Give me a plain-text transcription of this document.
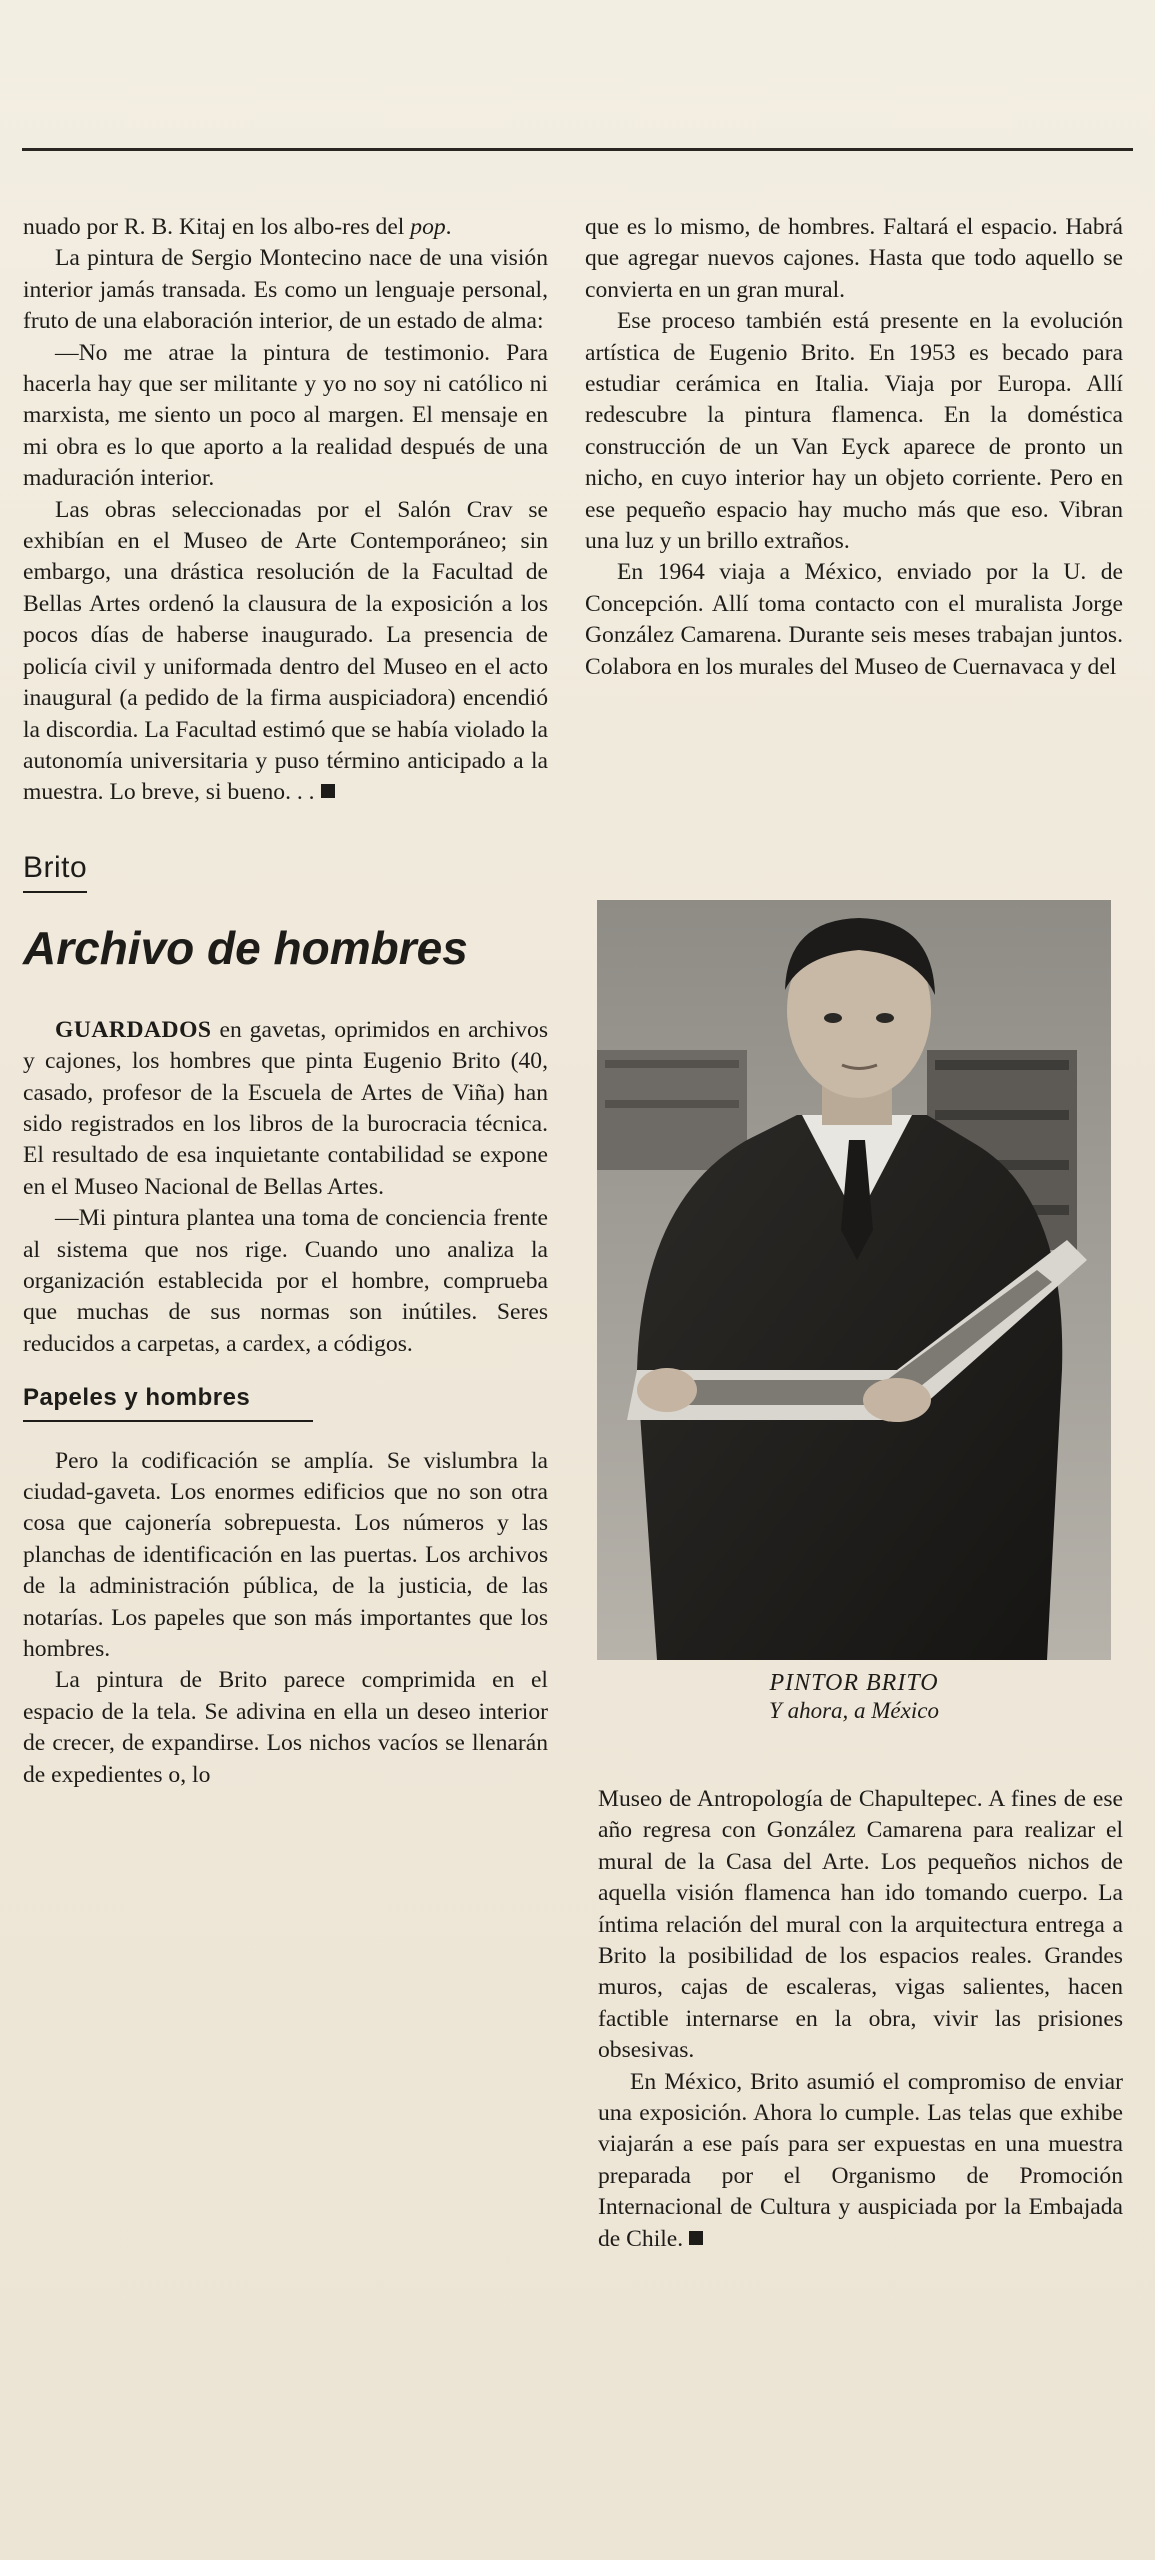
nuado por R. B. Kitaj en los albo-res del pop.

La pintura de Sergio Montecino nace de una visión interior jamás transada. Es como un lenguaje personal, fruto de una elaboración interior, de un estado de alma:

—No me atrae la pintura de testimonio. Para hacerla hay que ser militante y yo no soy ni católico ni marxista, me siento un poco al margen. El mensaje en mi obra es lo que aporto a la realidad después de una maduración interior.

Las obras seleccionadas por el Salón Crav se exhibían en el Museo de Arte Contemporáneo; sin embargo, una drástica resolución de la Facultad de Bellas Artes ordenó la clausura de la exposición a los pocos días de haberse inaugurado. La presencia de policía civil y uniformada dentro del Museo en el acto inaugural (a pedido de la firma auspiciadora) encendió la discordia. La Facultad estimó que se había violado la autonomía universitaria y puso término anticipado a la muestra. Lo breve, si bueno. . .

Brito
Archivo de hombres

GUARDADOS en gavetas, oprimidos en archivos y cajones, los hombres que pinta Eugenio Brito (40, casado, profesor de la Escuela de Artes de Viña) han sido registrados en los libros de la burocracia técnica. El resultado de esa inquietante contabilidad se expone en el Museo Nacional de Bellas Artes.

—Mi pintura plantea una toma de conciencia frente al sistema que nos rige. Cuando uno analiza la organización establecida por el hombre, comprueba que muchas de sus normas son inútiles. Seres reducidos a carpetas, a cardex, a códigos.

Papeles y hombres

Pero la codificación se amplía. Se vislumbra la ciudad-gaveta. Los enormes edificios que no son otra cosa que cajonería sobrepuesta. Los números y las planchas de identificación en las puertas. Los archivos de la administración pública, de la justicia, de las notarías. Los papeles que son más importantes que los hombres.

La pintura de Brito parece comprimida en el espacio de la tela. Se adivina en ella un deseo interior de crecer, de expandirse. Los nichos vacíos se llenarán de expedientes o, lo

que es lo mismo, de hombres. Faltará el espacio. Habrá que agregar nuevos cajones. Hasta que todo aquello se convierta en un gran mural.

Ese proceso también está presente en la evolución artística de Eugenio Brito. En 1953 es becado para estudiar cerámica en Italia. Viaja por Europa. Allí redescubre la pintura flamenca. En la doméstica construcción de un Van Eyck aparece de pronto un nicho, en cuyo interior hay un objeto corriente. Pero en ese pequeño espacio hay mucho más que eso. Vibran una luz y un brillo extraños.

En 1964 viaja a México, enviado por la U. de Concepción. Allí toma contacto con el muralista Jorge González Camarena. Durante seis meses trabajan juntos. Colabora en los murales del Museo de Cuernavaca y del

PINTOR BRITO
Y ahora, a México

Museo de Antropología de Chapultepec. A fines de ese año regresa con González Camarena para realizar el mural de la Casa del Arte. Los pequeños nichos de aquella visión flamenca han ido tomando cuerpo. La íntima relación del mural con la arquitectura entrega a Brito la posibilidad de los espacios reales. Grandes muros, cajas de escaleras, vigas salientes, hacen factible internarse en la obra, vivir las prisiones obsesivas.

En México, Brito asumió el compromiso de enviar una exposición. Ahora lo cumple. Las telas que exhibe viajarán a ese país para ser expuestas en una muestra preparada por el Organismo de Promoción Internacional de Cultura y auspiciada por la Embajada de Chile.
